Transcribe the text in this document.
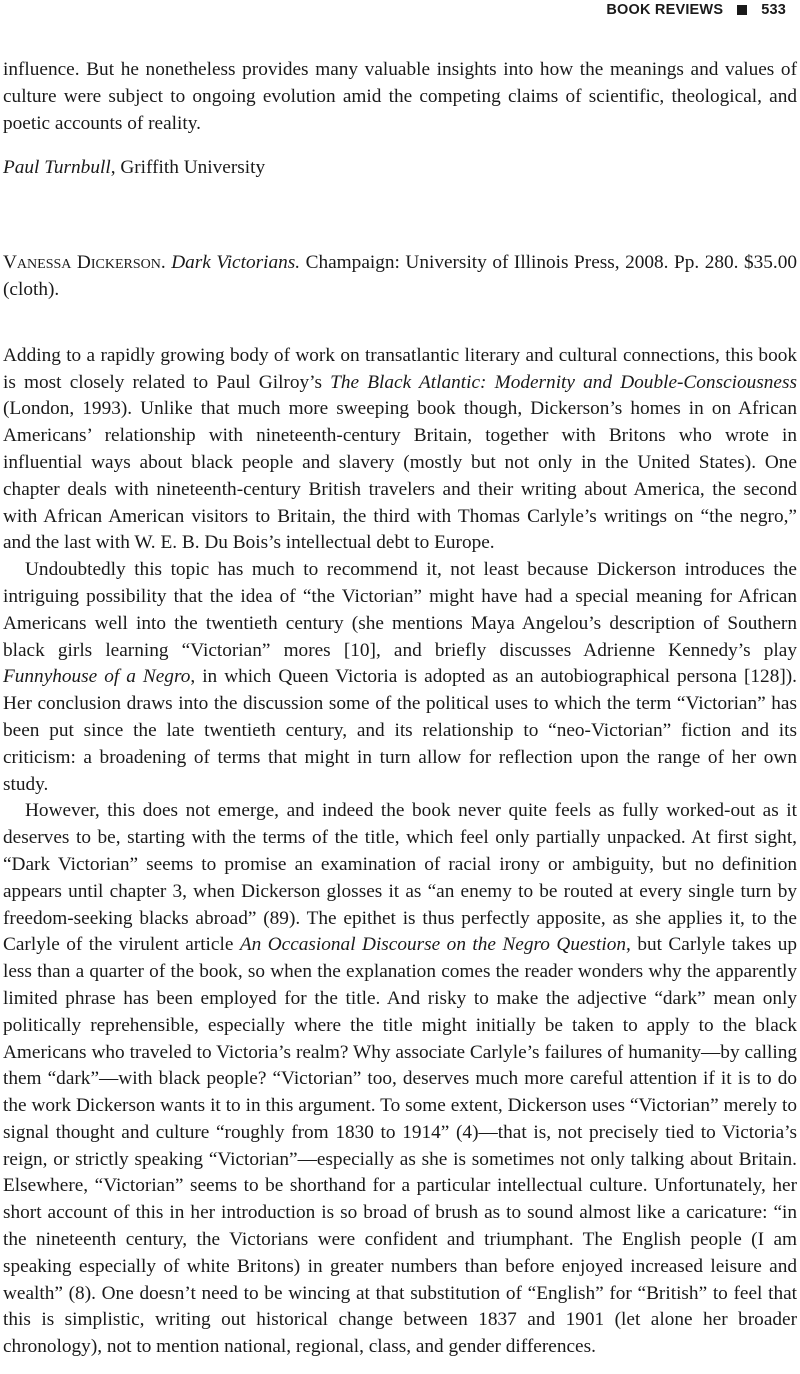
BOOK REVIEWS	533

influence. But he nonetheless provides many valuable insights into how the meanings and values of culture were subject to ongoing evolution amid the competing claims of scientific, theological, and poetic accounts of reality.

Paul Turnbull, Griffith University

Vanessa Dickerson. Dark Victorians. Champaign: University of Illinois Press, 2008. Pp. 280. $35.00 (cloth).

Adding to a rapidly growing body of work on transatlantic literary and cultural connections, this book is most closely related to Paul Gilroy’s The Black Atlantic: Modernity and Double-Consciousness (London, 1993). Unlike that much more sweeping book though, Dickerson’s homes in on African Americans’ relationship with nineteenth-century Britain, together with Britons who wrote in influential ways about black people and slavery (mostly but not only in the United States). One chapter deals with nineteenth-century British travelers and their writing about America, the second with African American visitors to Britain, the third with Thomas Carlyle’s writings on “the negro,” and the last with W. E. B. Du Bois’s intellectual debt to Europe.

Undoubtedly this topic has much to recommend it, not least because Dickerson introduces the intriguing possibility that the idea of “the Victorian” might have had a special meaning for African Americans well into the twentieth century (she mentions Maya Angelou’s description of Southern black girls learning “Victorian” mores [10], and briefly discusses Adrienne Kennedy’s play Funnyhouse of a Negro, in which Queen Victoria is adopted as an autobiographical persona [128]). Her conclusion draws into the discussion some of the political uses to which the term “Victorian” has been put since the late twentieth century, and its relationship to “neo-Victorian” fiction and its criticism: a broadening of terms that might in turn allow for reflection upon the range of her own study.

However, this does not emerge, and indeed the book never quite feels as fully worked-out as it deserves to be, starting with the terms of the title, which feel only partially unpacked. At first sight, “Dark Victorian” seems to promise an examination of racial irony or ambiguity, but no definition appears until chapter 3, when Dickerson glosses it as “an enemy to be routed at every single turn by freedom-seeking blacks abroad” (89). The epithet is thus perfectly apposite, as she applies it, to the Carlyle of the virulent article An Occasional Discourse on the Negro Question, but Carlyle takes up less than a quarter of the book, so when the explanation comes the reader wonders why the apparently limited phrase has been employed for the title. And risky to make the adjective “dark” mean only politically reprehensible, especially where the title might initially be taken to apply to the black Americans who traveled to Victoria’s realm? Why associate Carlyle’s failures of humanity—by calling them “dark”—with black people? “Victorian” too, deserves much more careful attention if it is to do the work Dickerson wants it to in this argument. To some extent, Dickerson uses “Victorian” merely to signal thought and culture “roughly from 1830 to 1914” (4)—that is, not precisely tied to Victoria’s reign, or strictly speaking “Victorian”—especially as she is sometimes not only talking about Britain. Elsewhere, “Victorian” seems to be shorthand for a particular intellectual culture. Unfortunately, her short account of this in her introduction is so broad of brush as to sound almost like a caricature: “in the nineteenth century, the Victorians were confident and triumphant. The English people (I am speaking especially of white Britons) in greater numbers than before enjoyed increased leisure and wealth” (8). One doesn’t need to be wincing at that substitution of “English” for “British” to feel that this is simplistic, writing out historical change between 1837 and 1901 (let alone her broader chronology), not to mention national, regional, class, and gender differences.
